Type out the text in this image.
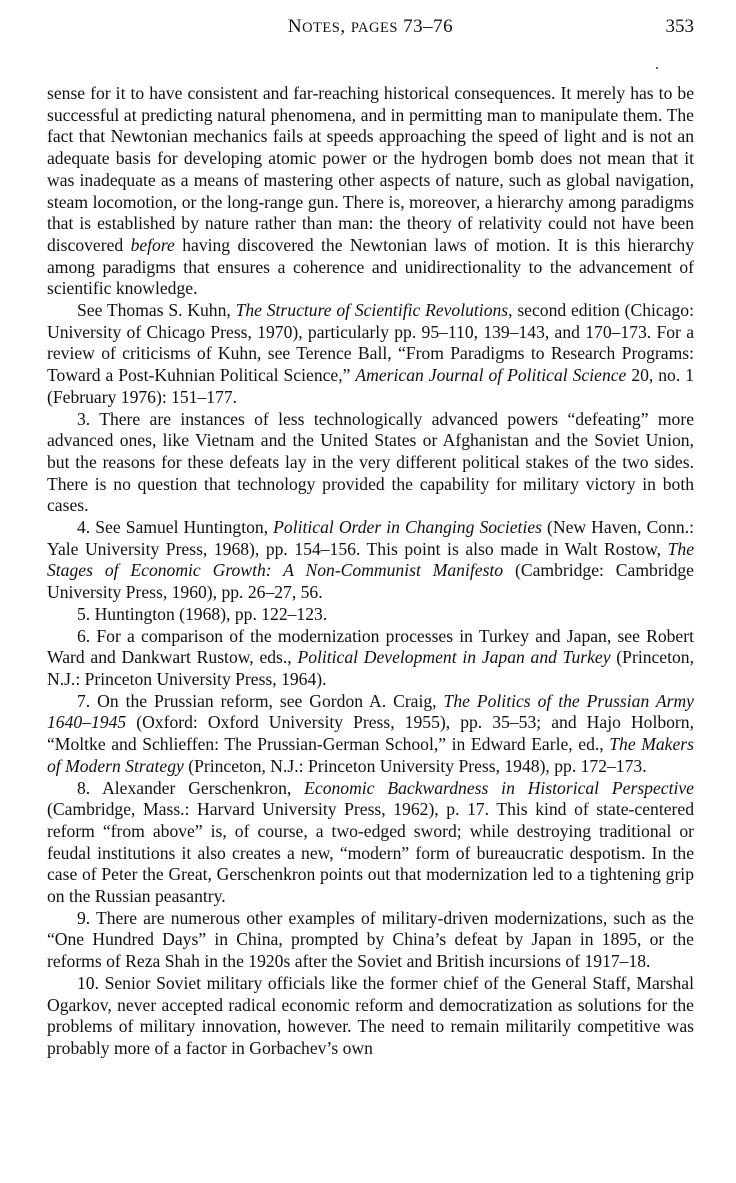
NOTES, PAGES 73–76	353

sense for it to have consistent and far-reaching historical consequences. It merely has to be successful at predicting natural phenomena, and in permitting man to manipulate them. The fact that Newtonian mechanics fails at speeds approaching the speed of light and is not an adequate basis for developing atomic power or the hydrogen bomb does not mean that it was inadequate as a means of mastering other aspects of nature, such as global navigation, steam locomotion, or the long-range gun. There is, moreover, a hierarchy among paradigms that is established by nature rather than man: the theory of relativity could not have been discovered before having discovered the Newtonian laws of motion. It is this hierarchy among paradigms that ensures a coherence and unidirectionality to the advancement of scientific knowledge.

See Thomas S. Kuhn, The Structure of Scientific Revolutions, second edition (Chicago: University of Chicago Press, 1970), particularly pp. 95–110, 139–143, and 170–173. For a review of criticisms of Kuhn, see Terence Ball, “From Paradigms to Research Programs: Toward a Post-Kuhnian Political Science,” American Journal of Political Science 20, no. 1 (February 1976): 151–177.

3. There are instances of less technologically advanced powers “defeating” more advanced ones, like Vietnam and the United States or Afghanistan and the Soviet Union, but the reasons for these defeats lay in the very different political stakes of the two sides. There is no question that technology provided the capability for military victory in both cases.

4. See Samuel Huntington, Political Order in Changing Societies (New Haven, Conn.: Yale University Press, 1968), pp. 154–156. This point is also made in Walt Rostow, The Stages of Economic Growth: A Non-Communist Manifesto (Cambridge: Cambridge University Press, 1960), pp. 26–27, 56.

5. Huntington (1968), pp. 122–123.

6. For a comparison of the modernization processes in Turkey and Japan, see Robert Ward and Dankwart Rustow, eds., Political Development in Japan and Turkey (Princeton, N.J.: Princeton University Press, 1964).

7. On the Prussian reform, see Gordon A. Craig, The Politics of the Prussian Army 1640–1945 (Oxford: Oxford University Press, 1955), pp. 35–53; and Hajo Holborn, “Moltke and Schlieffen: The Prussian-German School,” in Edward Earle, ed., The Makers of Modern Strategy (Princeton, N.J.: Princeton University Press, 1948), pp. 172–173.

8. Alexander Gerschenkron, Economic Backwardness in Historical Perspective (Cambridge, Mass.: Harvard University Press, 1962), p. 17. This kind of state-centered reform “from above” is, of course, a two-edged sword; while destroying traditional or feudal institutions it also creates a new, “modern” form of bureaucratic despotism. In the case of Peter the Great, Gerschenkron points out that modernization led to a tightening grip on the Russian peasantry.

9. There are numerous other examples of military-driven modernizations, such as the “One Hundred Days” in China, prompted by China’s defeat by Japan in 1895, or the reforms of Reza Shah in the 1920s after the Soviet and British incursions of 1917–18.

10. Senior Soviet military officials like the former chief of the General Staff, Marshal Ogarkov, never accepted radical economic reform and democratization as solutions for the problems of military innovation, however. The need to remain militarily competitive was probably more of a factor in Gorbachev’s own
